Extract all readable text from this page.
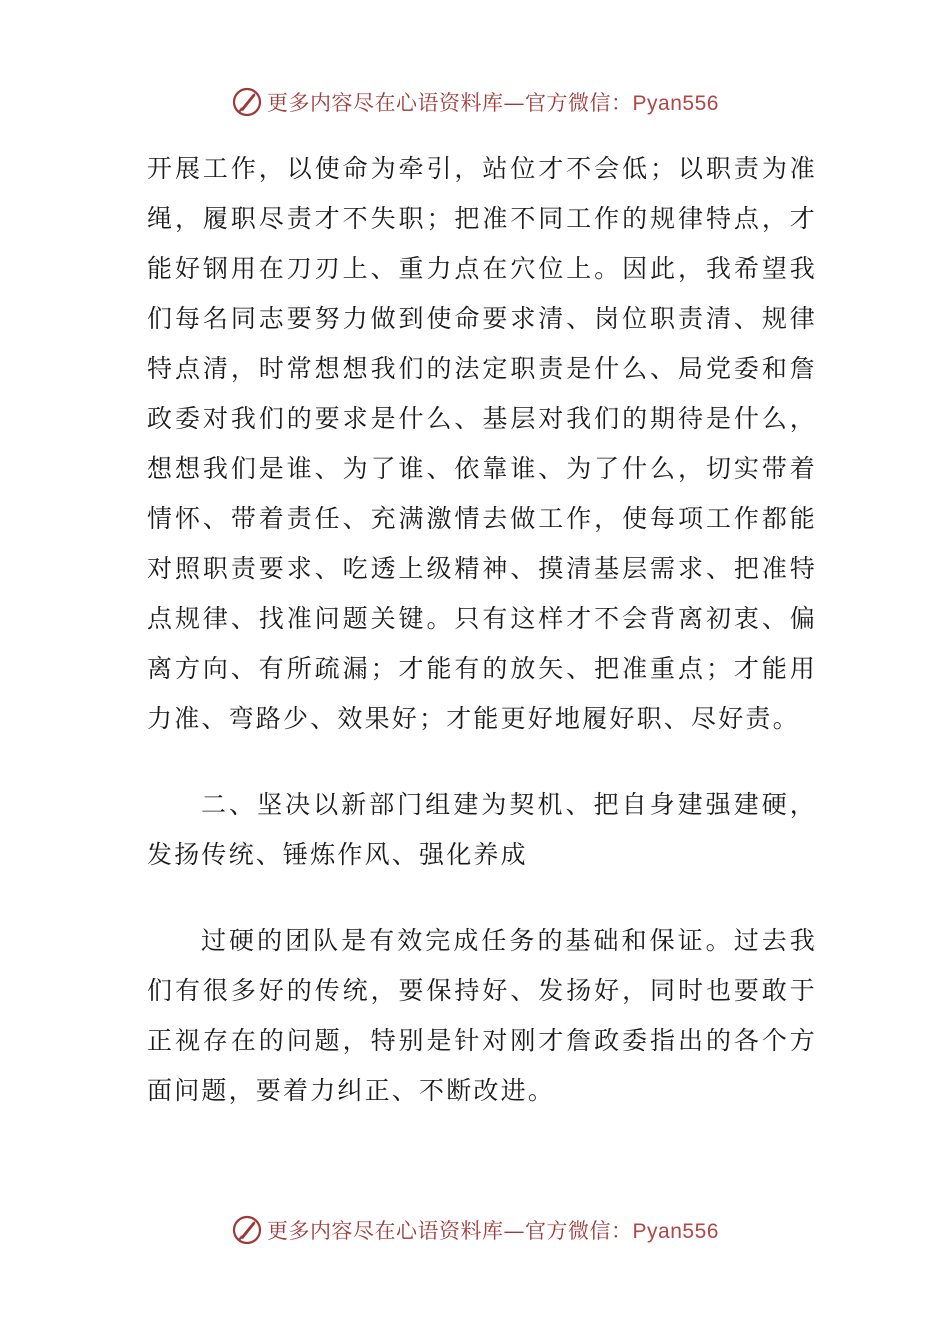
更多内容尽在心语资料库—官方微信：Pyan556

开展工作，以使命为牵引，站位才不会低；以职责为准绳，履职尽责才不失职；把准不同工作的规律特点，才能好钢用在刀刃上、重力点在穴位上。因此，我希望我们每名同志要努力做到使命要求清、岗位职责清、规律特点清，时常想想我们的法定职责是什么、局党委和詹政委对我们的要求是什么、基层对我们的期待是什么，想想我们是谁、为了谁、依靠谁、为了什么，切实带着情怀、带着责任、充满激情去做工作，使每项工作都能对照职责要求、吃透上级精神、摸清基层需求、把准特点规律、找准问题关键。只有这样才不会背离初衷、偏离方向、有所疏漏；才能有的放矢、把准重点；才能用力准、弯路少、效果好；才能更好地履好职、尽好责。

二、坚决以新部门组建为契机、把自身建强建硬，发扬传统、锤炼作风、强化养成

过硬的团队是有效完成任务的基础和保证。过去我们有很多好的传统，要保持好、发扬好，同时也要敢于正视存在的问题，特别是针对刚才詹政委指出的各个方面问题，要着力纠正、不断改进。

更多内容尽在心语资料库—官方微信：Pyan556
